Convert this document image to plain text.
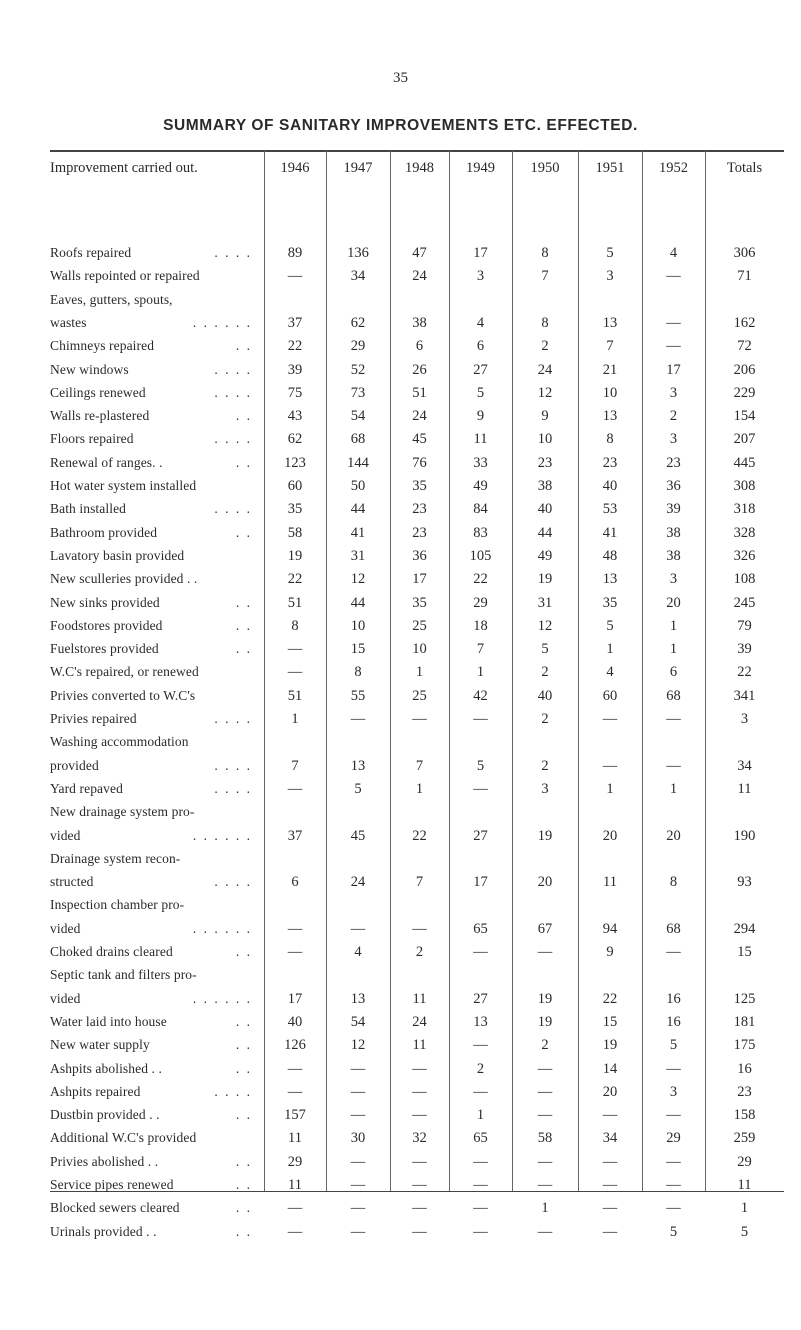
35
SUMMARY OF SANITARY IMPROVEMENTS ETC. EFFECTED.
Improvement carried out.	1946	1947	1948	1949	1950	1951	1952	Totals
Roofs repaired	. . . .	89	136	47	17	8	5	4	306
Walls repointed or repaired	—	34	24	3	7	3	—	71
Eaves, gutters, spouts,
wastes	. . . . . .	37	62	38	4	8	13	—	162
Chimneys repaired	. .	22	29	6	6	2	7	—	72
New windows	. . . .	39	52	26	27	24	21	17	206
Ceilings renewed	. . . .	75	73	51	5	12	10	3	229
Walls re-plastered	. .	43	54	24	9	9	13	2	154
Floors repaired	. . . .	62	68	45	11	10	8	3	207
Renewal of ranges. .	. .	123	144	76	33	23	23	23	445
Hot water system installed	60	50	35	49	38	40	36	308
Bath installed	. . . .	35	44	23	84	40	53	39	318
Bathroom provided	. .	58	41	23	83	44	41	38	328
Lavatory basin provided	19	31	36	105	49	48	38	326
New sculleries provided . .	22	12	17	22	19	13	3	108
New sinks provided	. .	51	44	35	29	31	35	20	245
Foodstores provided	. .	8	10	25	18	12	5	1	79
Fuelstores provided	. .	—	15	10	7	5	1	1	39
W.C's repaired, or renewed	—	8	1	1	2	4	6	22
Privies converted to W.C's	51	55	25	42	40	60	68	341
Privies repaired	. . . .	1	—	—	—	2	—	—	3
Washing accommodation
provided	. . . .	7	13	7	5	2	—	—	34
Yard repaved	. . . .	—	5	1	—	3	1	1	11
New drainage system pro-
vided	. . . . . .	37	45	22	27	19	20	20	190
Drainage system recon-
structed	. . . .	6	24	7	17	20	11	8	93
Inspection chamber pro-
vided	. . . . . .	—	—	—	65	67	94	68	294
Choked drains cleared	. .	—	4	2	—	—	9	—	15
Septic tank and filters pro-
vided	. . . . . .	17	13	11	27	19	22	16	125
Water laid into house	. .	40	54	24	13	19	15	16	181
New water supply	. .	126	12	11	—	2	19	5	175
Ashpits abolished . .	. .	—	—	—	2	—	14	—	16
Ashpits repaired	. . . .	—	—	—	—	—	20	3	23
Dustbin provided . .	. .	157	—	—	1	—	—	—	158
Additional W.C's provided	11	30	32	65	58	34	29	259
Privies abolished . .	. .	29	—	—	—	—	—	—	29
Service pipes renewed	. .	11	—	—	—	—	—	—	11
Blocked sewers cleared	. .	—	—	—	—	1	—	—	1
Urinals provided . .	. .	—	—	—	—	—	—	5	5
